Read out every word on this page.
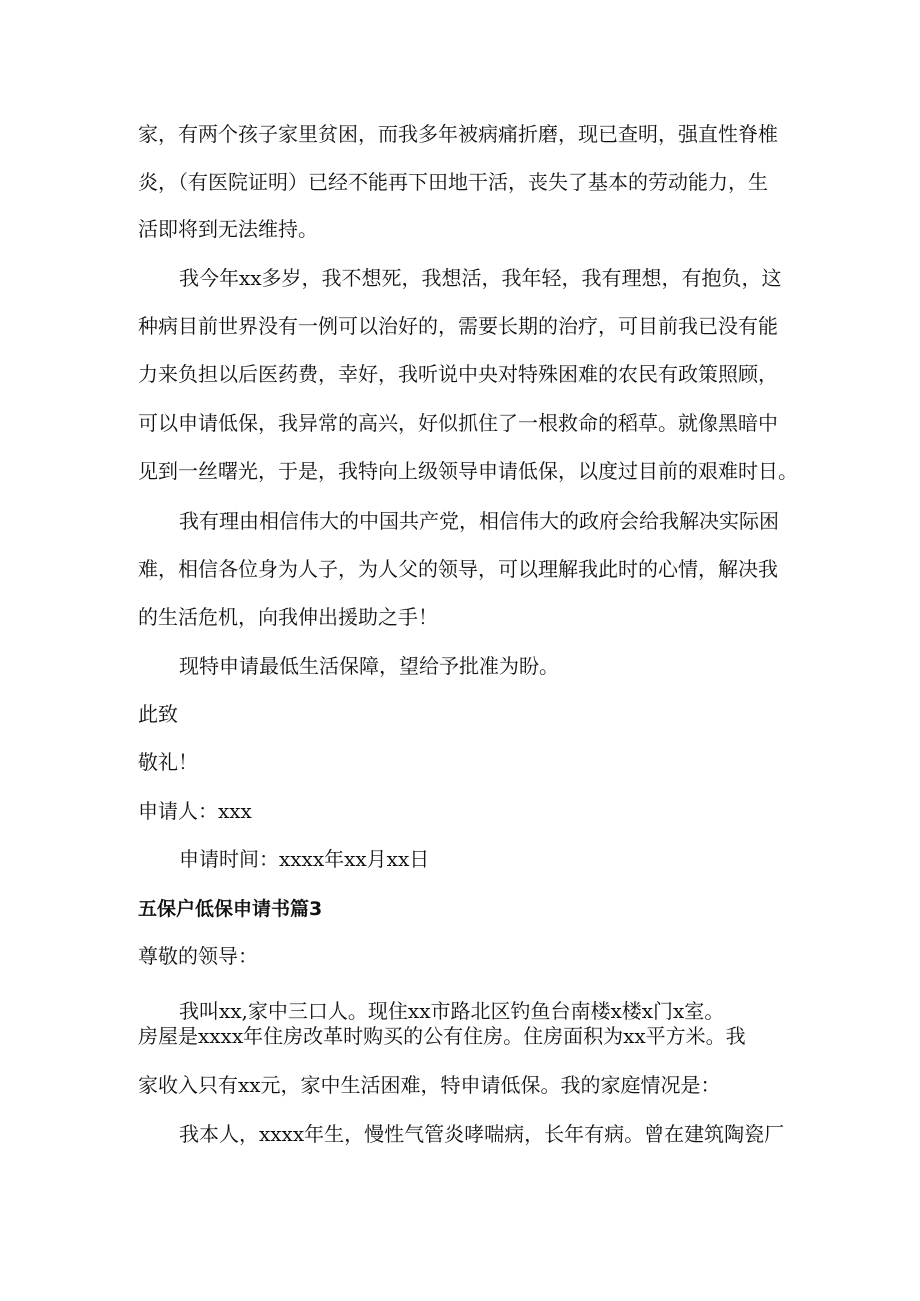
家，有两个孩子家里贫困，而我多年被病痛折磨，现已查明，强直性脊椎
炎，（有医院证明）已经不能再下田地干活，丧失了基本的劳动能力，生
活即将到无法维持。
我今年xx多岁，我不想死，我想活，我年轻，我有理想，有抱负，这
种病目前世界没有一例可以治好的，需要长期的治疗，可目前我已没有能
力来负担以后医药费，幸好，我听说中央对特殊困难的农民有政策照顾，
可以申请低保，我异常的高兴，好似抓住了一根救命的稻草。就像黑暗中
见到一丝曙光，于是，我特向上级领导申请低保，以度过目前的艰难时日。
我有理由相信伟大的中国共产党，相信伟大的政府会给我解决实际困
难，相信各位身为人子，为人父的领导，可以理解我此时的心情，解决我
的生活危机，向我伸出援助之手！
现特申请最低生活保障，望给予批准为盼。
此致
敬礼！
申请人：xxx
申请时间：xxxx年xx月xx日
五保户低保申请书篇3
尊敬的领导：
我叫xx,家中三口人。现住xx市路北区钓鱼台南楼x楼x门x室。
房屋是xxxx年住房改革时购买的公有住房。住房面积为xx平方米。我
家收入只有xx元，家中生活困难，特申请低保。我的家庭情况是：
我本人，xxxx年生，慢性气管炎哮喘病，长年有病。曾在建筑陶瓷厂
